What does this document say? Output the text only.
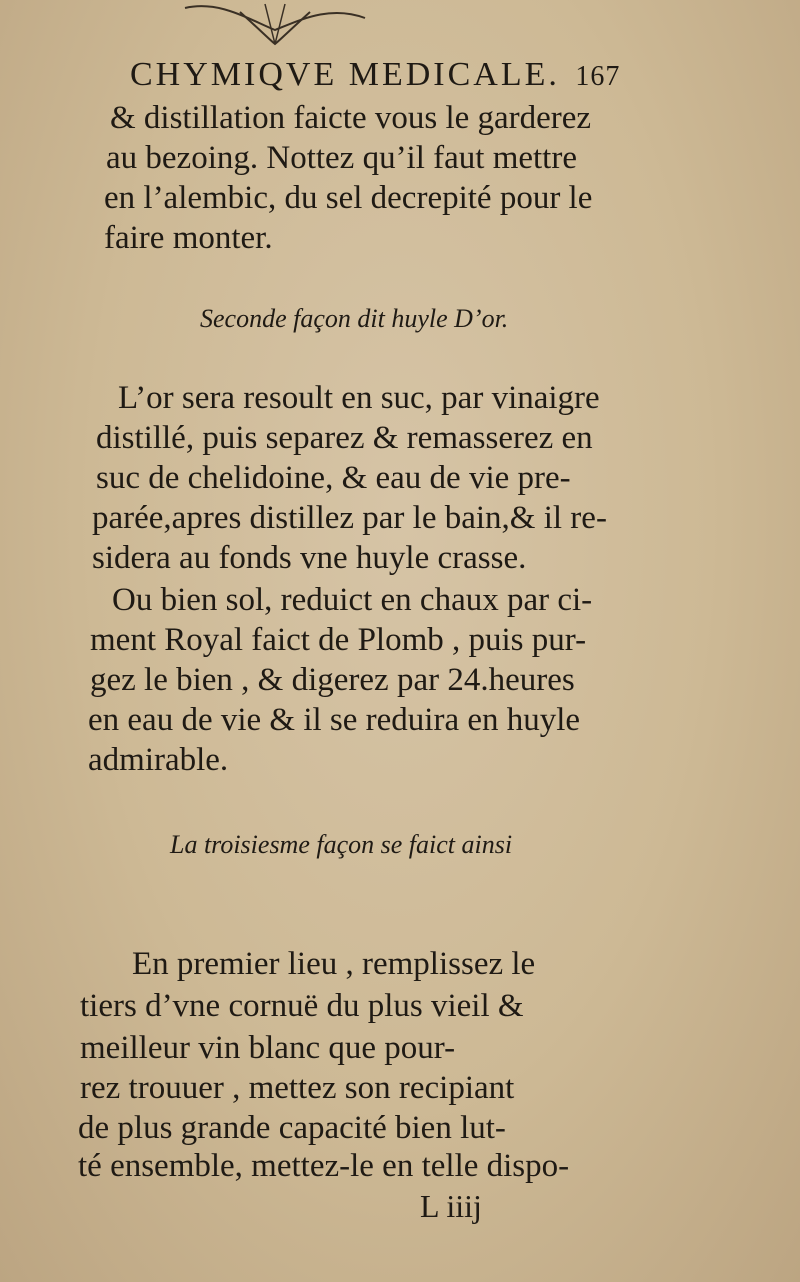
CHYMIQVE MEDICALE. 167
& distillation faicte vous le garderez
au bezoing. Nottez qu’il faut mettre
en l’alembic, du sel decrepité pour le
faire monter.
Seconde façon dit huyle D’or.
L’or sera resoult en suc, par vinaigre
distillé, puis separez & remasserez en
suc de chelidoine, & eau de vie pre-
parée,apres distillez par le bain,& il re-
sidera au fonds vne huyle crasse.
Ou bien sol, reduict en chaux par ci-
ment Royal faict de Plomb , puis pur-
gez le bien , & digerez par 24.heures
en eau de vie & il se reduira en huyle
admirable.
La troisiesme façon se faict ainsi
En premier lieu , remplissez le
tiers d’vne cornuë du plus vieil &
meilleur vin blanc que pour-
rez trouuer , mettez son recipiant
de plus grande capacité bien lut-
té ensemble, mettez-le en telle dispo-
L iiij
